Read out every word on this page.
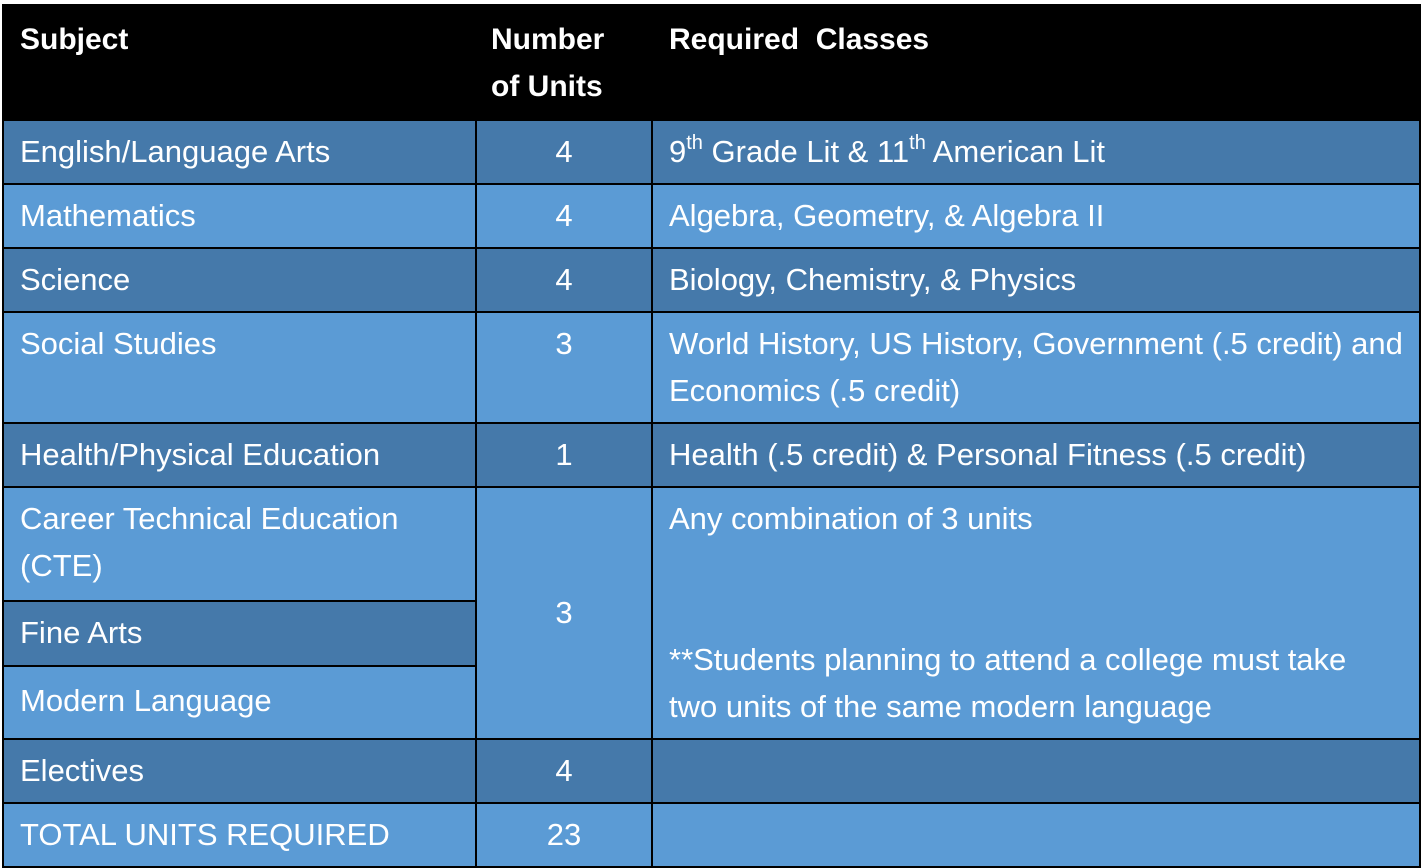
Subject	Number of Units	Required  Classes
English/Language Arts	4	9th Grade Lit & 11th American Lit
Mathematics	4	Algebra, Geometry, & Algebra II
Science	4	Biology, Chemistry, & Physics
Social Studies	3	World History, US History, Government (.5 credit) and Economics (.5 credit)
Health/Physical Education	1	Health (.5 credit) & Personal Fitness (.5 credit)
Career Technical Education (CTE)	3	Any combination of 3 units
**Students planning to attend a college must take two units of the same modern language
Fine Arts		
Modern Language		
Electives	4	
TOTAL UNITS REQUIRED	23	
